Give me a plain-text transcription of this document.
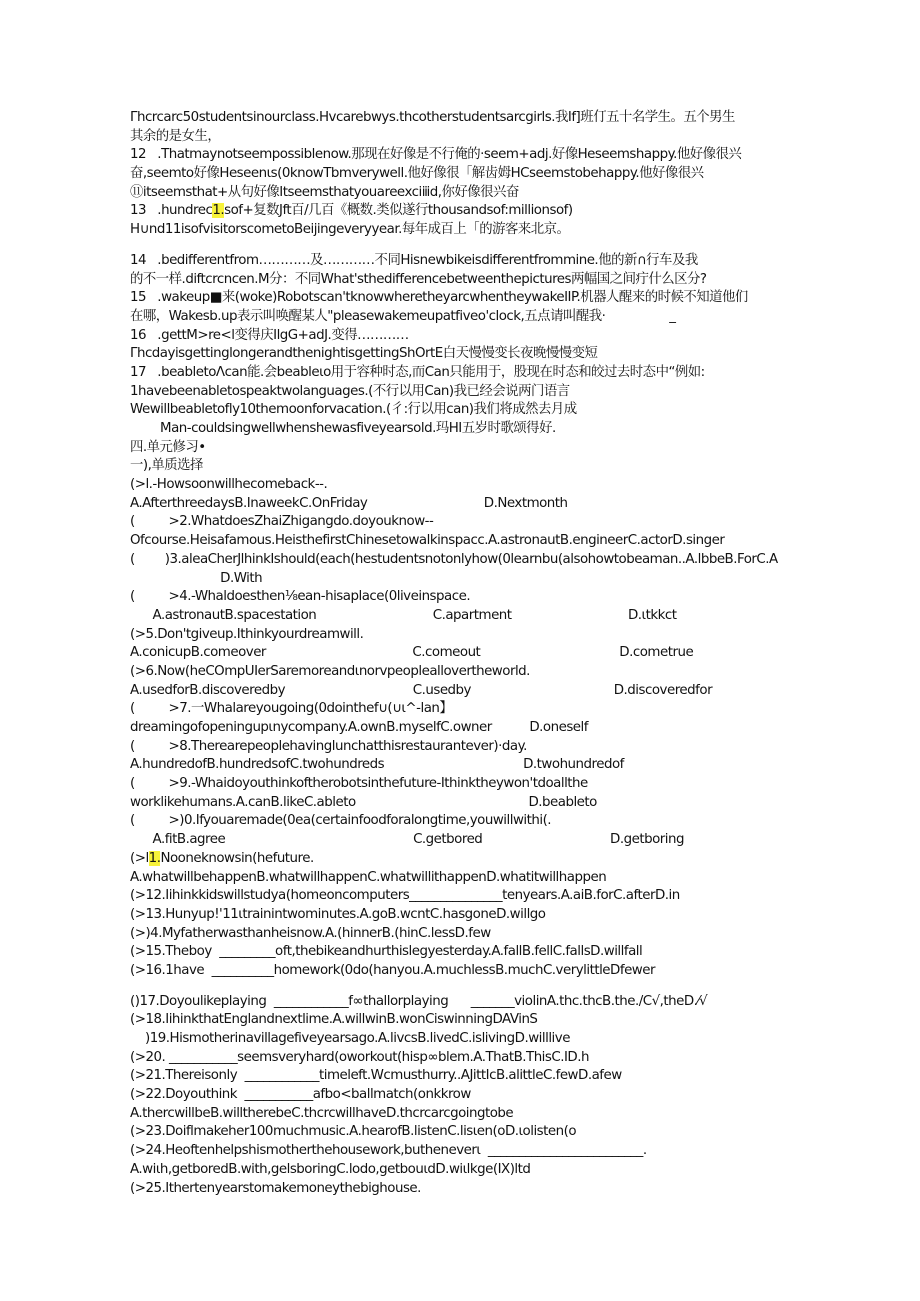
Γhcrcarc50studentsinourclass.Hvcarebwys.thcotherstudentsarcgirls.我If]班仃五十名学生。五个男生
其余的是女生，
12   .Thatmaynotseempossiblenow.那现在好像是不行俺的·seem+adj.好像Heseemshappy.他好像很兴
奋,seemto好像Heseenιs(0knowTbmverywell.他好像很「解齿姆HCseemstobehappy.他好像很兴
⑪itseemsthat+从句好像Itseemsthatyouareexcⅰⅲd,你好像很兴奋
13   .hundrec1.sof+复数Jft百/几百《概数.类似遂行thousandsof:millionsof)
H∪nd11isofvisitorscometoBeijingeveryyear.每年成百上「的游客来北京。
14   .bedifferentfrom…………及…………不同Hisnewbikeisdifferentfrommine.他的新∩行车及我
的不一样.diftcrcncen.M分：不同What'sthedifferencebetweenthepictures两幅国之间疔什么区分?
15   .wakeup■来(woke)Robotscan'tknowwheretheyarcwhentheywakeIIP.机器人醒来的时候不知道他们
在哪，Wakesb.up表示叫唤醒某人"pleasewakemeupatfiveo'clock,五点请叫醒我·                 _
16   .gettM>re<l变得庆IlgG+adJ.变得…………
ΓhcdayisgettinglongerandthenightisgettingShOrtE白天慢慢变长夜晚慢慢变短
17   .beabletoΛcan能.会beableιo用于容种时态,而Can只能用于，股现在时态和皎过去时态中“例如:
1havebeenabletospeaktwolanguages.(不行以用Can)我已经会说两门语言
Wewillbeabletofly10themoonforvacation.(彳:行以用can)我们将成然去月成
Man-couldsingwellwhenshewasfiveyearsold.玛HI五岁时歌颂得好.
四.单元修习•
一),单质选择
(>l.-Howsoonwillhecomeback--.
A.AfterthreedaysB.InaweekC.OnFriday                               D.Nextmonth
(         >2.WhatdoesZhaiZhigangdo.doyouknow--
Ofcourse.Heisafamous.HeisthefirstChinesetowalkinspacc.A.astronautB.engineerC.actorD.singer
(        )3.aleaCherJlhinkIshould(each(hestudentsnotonlyhow(0learnbu(alsohowtobeaman..A.lbbeB.ForC.A
D.With
(         >4.-Whaldoesthen⅛ean-hisaplace(0liveinspace.
A.astronautB.spacestation                               C.apartment                               D.ιtkkct
(>5.Don'tgiveup.Ithinkyourdreamwill.
A.conicupB.comeover                                       C.comeout                                     D.cometrue
(>6.Now(heCOmpUIerSaremoreandιnorvpeopleallovertheworld.
A.usedforB.discoveredby                                  C.usedby                                      D.discoveredfor
(         >7.一Whalareyougoing(0dointhef∪(∪ι^-lan】
dreamingofopeningupιnycompany.A.ownB.myselfC.owner          D.oneself
(         >8.Therearepeoplehavinglunchatthisrestaurantever)·day.
A.hundredofB.hundredsofC.twohundreds                                     D.twohundredof
(         >9.-Whaidoyouthinkoftherobotsinthefuture-Ithinktheywon'tdoallthe
worklikehumans.A.canB.likeC.ableto                                              D.beableto
(         >)0.Ifyouaremade(0ea(certainfoodforalongtime,youwillwithi(.
A.fitB.agree                                                  C.getbored                                  D.getboring
(>l1.Nooneknowsin(hefuture.
A.whatwillbehappenB.whatwillhappenC.whatwillithappenD.whatitwillhappen
(>12.Iihinkkidswillstudya(homeoncomputers_______________tenyears.A.aiB.forC.afterD.in
(>13.Hunyup!'11ιtrainintwominutes.A.goB.wcntC.hasgoneD.willgo
(>)4.Myfatherwasthanheisnow.A.(hinnerB.(hinC.lessD.few
(>15.Theboy  _________oft,thebikeandhurthislegyesterday.A.fallB.fellC.fallsD.willfall
(>16.1have  __________homework(0do(hanyou.A.muchlessB.muchC.verylittleDfewer
()17.Doyoulikeplaying  ____________f∞thallorplaying      _______violinA.thc.thcB.the./C√,theD.⁄√
(>18.IihinkthatEnglandnextlime.A.willwinB.wonCiswinningDAVinS
)19.Hismotherinavillagefiveyearsago.A.livcsB.livedC.islivingD.willlive
(>20. ___________seemsveryhard(oworkout(hisp∞blem.A.ThatB.ThisC.ID.h
(>21.Thereisonly  ____________timeleft.Wcmusthurry..AJittIcB.alittleC.fewD.afew
(>22.Doyouthink  ___________afbo<ballmatch(onkkrow
A.therc⁠willbeB.willtherebeC.thcrcwillhaveD.thcrcarcgoingtobe
(>23.Doiflmakeher100muchmusic.A.hearofB.listenC.lisιen(oD.ιolisten(o
(>24.Heoftenhelpshismotherthehousework,butheneverι  _________________________.
A.wiιh,getboredB.with,gelsboringC.lodo,getbouιdD.wiιlkge(IX)ltd
(>25.Ithertenyearstomakemoneythebighouse.
